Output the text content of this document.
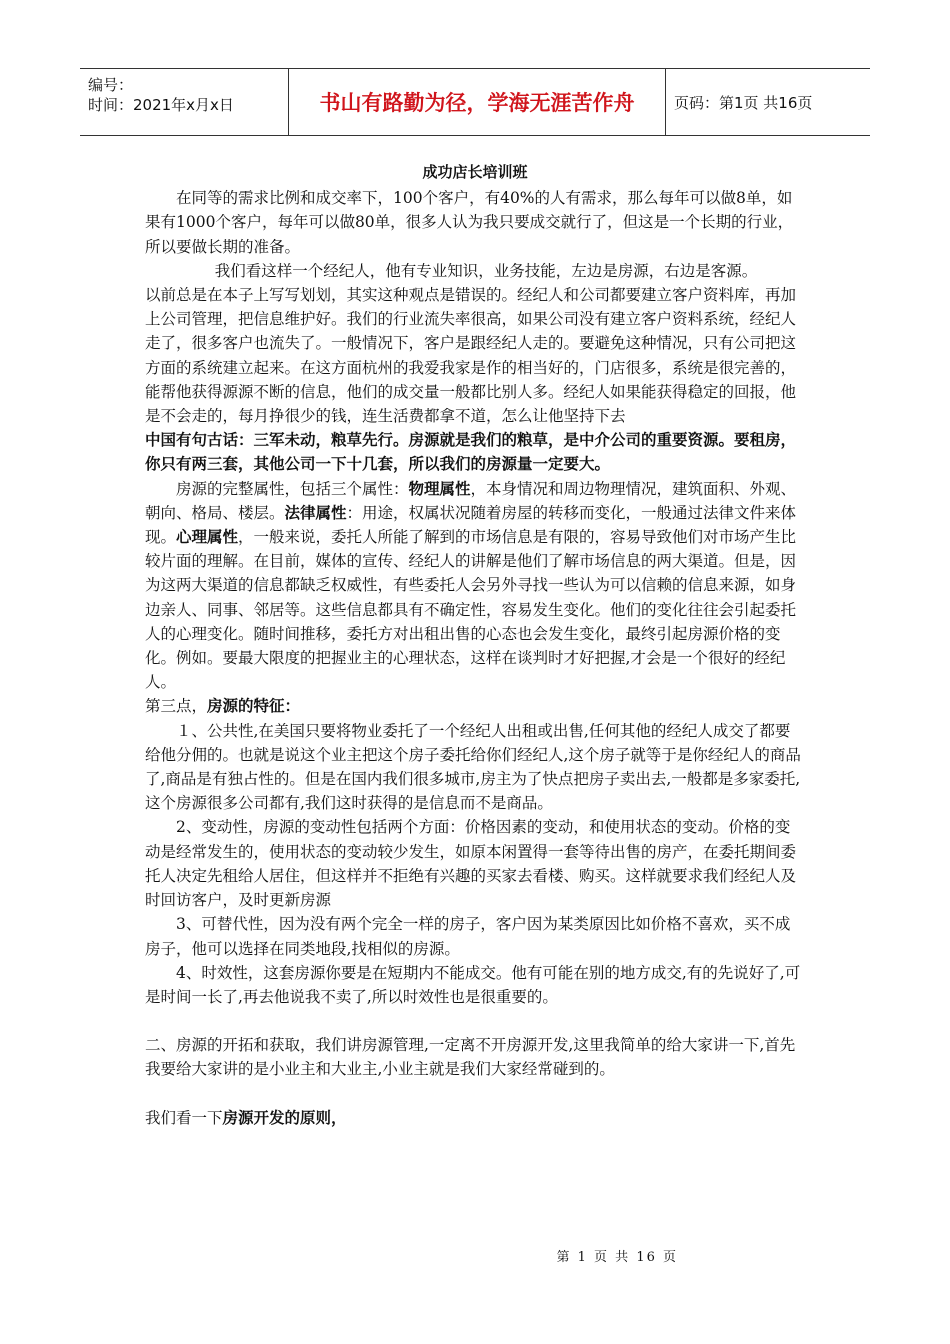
编号：
时间：2021年x月x日	书山有路勤为径，学海无涯苦作舟	页码：第1页 共16页
成功店长培训班

在同等的需求比例和成交率下，100个客户，有40%的人有需求，那么每年可以做8单，如果有1000个客户，每年可以做80单，很多人认为我只要成交就行了，但这是一个长期的行业，所以要做长期的准备。

我们看这样一个经纪人，他有专业知识，业务技能，左边是房源，右边是客源。

以前总是在本子上写写划划，其实这种观点是错误的。经纪人和公司都要建立客户资料库，再加上公司管理，把信息维护好。我们的行业流失率很高，如果公司没有建立客户资料系统，经纪人走了，很多客户也流失了。一般情况下，客户是跟经纪人走的。要避免这种情况，只有公司把这方面的系统建立起来。在这方面杭州的我爱我家是作的相当好的，门店很多，系统是很完善的，能帮他获得源源不断的信息，他们的成交量一般都比别人多。经纪人如果能获得稳定的回报，他是不会走的，每月挣很少的钱，连生活费都拿不道，怎么让他坚持下去

中国有句古话：三军未动，粮草先行。房源就是我们的粮草，是中介公司的重要资源。要租房，你只有两三套，其他公司一下十几套，所以我们的房源量一定要大。

房源的完整属性，包括三个属性：物理属性，本身情况和周边物理情况，建筑面积、外观、朝向、格局、楼层。法律属性：用途，权属状况随着房屋的转移而变化，一般通过法律文件来体现。心理属性，一般来说，委托人所能了解到的市场信息是有限的，容易导致他们对市场产生比较片面的理解。在目前，媒体的宣传、经纪人的讲解是他们了解市场信息的两大渠道。但是，因为这两大渠道的信息都缺乏权威性，有些委托人会另外寻找一些认为可以信赖的信息来源，如身边亲人、同事、邻居等。这些信息都具有不确定性，容易发生变化。他们的变化往往会引起委托人的心理变化。随时间推移，委托方对出租出售的心态也会发生变化，最终引起房源价格的变化。例如。要最大限度的把握业主的心理状态，这样在谈判时才好把握,才会是一个很好的经纪人。

第三点，房源的特征：

１、公共性,在美国只要将物业委托了一个经纪人出租或出售,任何其他的经纪人成交了都要给他分佣的。也就是说这个业主把这个房子委托给你们经纪人,这个房子就等于是你经纪人的商品了,商品是有独占性的。但是在国内我们很多城市,房主为了快点把房子卖出去,一般都是多家委托,这个房源很多公司都有,我们这时获得的是信息而不是商品。

2、变动性，房源的变动性包括两个方面：价格因素的变动，和使用状态的变动。价格的变动是经常发生的，使用状态的变动较少发生，如原本闲置得一套等待出售的房产，在委托期间委托人决定先租给人居住，但这样并不拒绝有兴趣的买家去看楼、购买。这样就要求我们经纪人及时回访客户，及时更新房源

3、可替代性，因为没有两个完全一样的房子，客户因为某类原因比如价格不喜欢，买不成房子，他可以选择在同类地段,找相似的房源。

4、时效性，这套房源你要是在短期内不能成交。他有可能在别的地方成交,有的先说好了,可是时间一长了,再去他说我不卖了,所以时效性也是很重要的。

二、房源的开拓和获取，我们讲房源管理,一定离不开房源开发,这里我简单的给大家讲一下,首先我要给大家讲的是小业主和大业主,小业主就是我们大家经常碰到的。

我们看一下房源开发的原则，

第 1 页 共 16 页
